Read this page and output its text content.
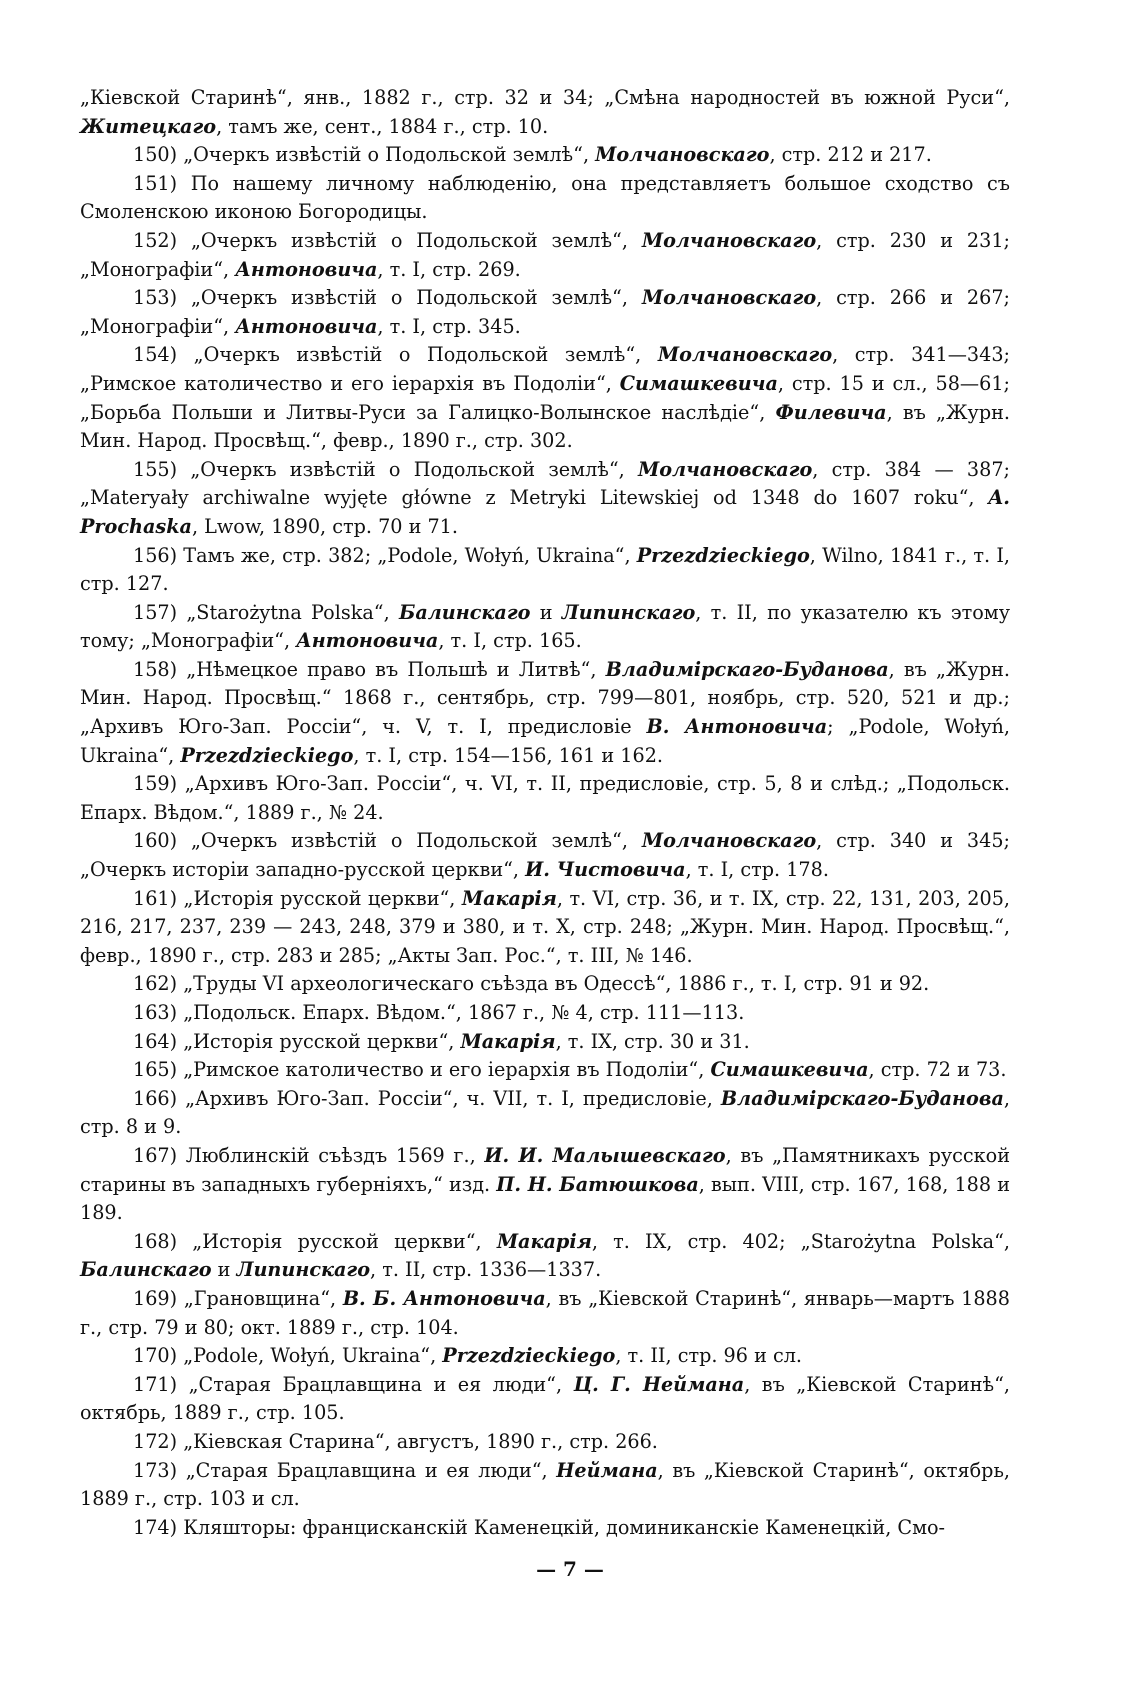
„Кіевской Старинѣ“, янв., 1882 г., стр. 32 и 34; „Смѣна народностей въ южной Руси“, Житецкаго, тамъ же, сент., 1884 г., стр. 10.

150) „Очеркъ извѣстій о Подольской землѣ“, Молчановскаго, стр. 212 и 217.

151) По нашему личному наблюденію, она представляетъ большое сходство съ Смоленскою иконою Богородицы.

152) „Очеркъ извѣстій о Подольской землѣ“, Молчановскаго, стр. 230 и 231; „Монографіи“, Антоновича, т. I, стр. 269.

153) „Очеркъ извѣстій о Подольской землѣ“, Молчановскаго, стр. 266 и 267; „Монографіи“, Антоновича, т. I, стр. 345.

154) „Очеркъ извѣстій о Подольской землѣ“, Молчановскаго, стр. 341—343; „Римское католичество и его іерархія въ Подоліи“, Симашкевича, стр. 15 и сл., 58—61; „Борьба Польши и Литвы-Руси за Галицко-Волынское наслѣдіе“, Филевича, въ „Журн. Мин. Народ. Просвѣщ.“, февр., 1890 г., стр. 302.

155) „Очеркъ извѣстій о Подольской землѣ“, Молчановскаго, стр. 384 — 387; „Materyały archiwalne wyjęte główne z Metryki Litewskiej od 1348 do 1607 roku“, A. Prochaska, Lwow, 1890, стр. 70 и 71.

156) Тамъ же, стр. 382; „Podole, Wołyń, Ukraina“, Przezdzieckiego, Wilno, 1841 г., т. I, стр. 127.

157) „Starożytna Polska“, Балинскаго и Липинскаго, т. II, по указателю къ этому тому; „Монографіи“, Антоновича, т. I, стр. 165.

158) „Нѣмецкое право въ Польшѣ и Литвѣ“, Владимірскаго-Буданова, въ „Журн. Мин. Народ. Просвѣщ.“ 1868 г., сентябрь, стр. 799—801, ноябрь, стр. 520, 521 и др.; „Архивъ Юго-Зап. Россіи“, ч. V, т. I, предисловіе В. Антоновича; „Podole, Wołyń, Ukraina“, Przezdzieckiego, т. I, стр. 154—156, 161 и 162.

159) „Архивъ Юго-Зап. Россіи“, ч. VI, т. II, предисловіе, стр. 5, 8 и слѣд.; „Подольск. Епарх. Вѣдом.“, 1889 г., № 24.

160) „Очеркъ извѣстій о Подольской землѣ“, Молчановскаго, стр. 340 и 345; „Очеркъ исторіи западно-русской церкви“, И. Чистовича, т. I, стр. 178.

161) „Исторія русской церкви“, Макарія, т. VI, стр. 36, и т. IX, стр. 22, 131, 203, 205, 216, 217, 237, 239 — 243, 248, 379 и 380, и т. X, стр. 248; „Журн. Мин. Народ. Просвѣщ.“, февр., 1890 г., стр. 283 и 285; „Акты Зап. Рос.“, т. III, № 146.

162) „Труды VI археологическаго съѣзда въ Одессѣ“, 1886 г., т. I, стр. 91 и 92.

163) „Подольск. Епарх. Вѣдом.“, 1867 г., № 4, стр. 111—113.

164) „Исторія русской церкви“, Макарія, т. IX, стр. 30 и 31.

165) „Римское католичество и его іерархія въ Подоліи“, Симашкевича, стр. 72 и 73.

166) „Архивъ Юго-Зап. Россіи“, ч. VII, т. I, предисловіе, Владимірскаго-Буданова, стр. 8 и 9.

167) Люблинскій съѣздъ 1569 г., И. И. Малышевскаго, въ „Памятникахъ русской старины въ западныхъ губерніяхъ,“ изд. П. Н. Батюшкова, вып. VIII, стр. 167, 168, 188 и 189.

168) „Исторія русской церкви“, Макарія, т. IX, стр. 402; „Starożytna Polska“, Балинскаго и Липинскаго, т. II, стр. 1336—1337.

169) „Грановщина“, В. Б. Антоновича, въ „Кіевской Старинѣ“, январь—мартъ 1888 г., стр. 79 и 80; окт. 1889 г., стр. 104.

170) „Podole, Wołyń, Ukraina“, Przezdzieckiego, т. II, стр. 96 и сл.

171) „Старая Брацлавщина и ея люди“, Ц. Г. Неймана, въ „Кіевской Старинѣ“, октябрь, 1889 г., стр. 105.

172) „Кіевская Старина“, августъ, 1890 г., стр. 266.

173) „Старая Брацлавщина и ея люди“, Неймана, въ „Кіевской Старинѣ“, октябрь, 1889 г., стр. 103 и сл.

174) Кляшторы: францисканскій Каменецкій, доминиканскіе Каменецкій, Смо-

— 7 —
